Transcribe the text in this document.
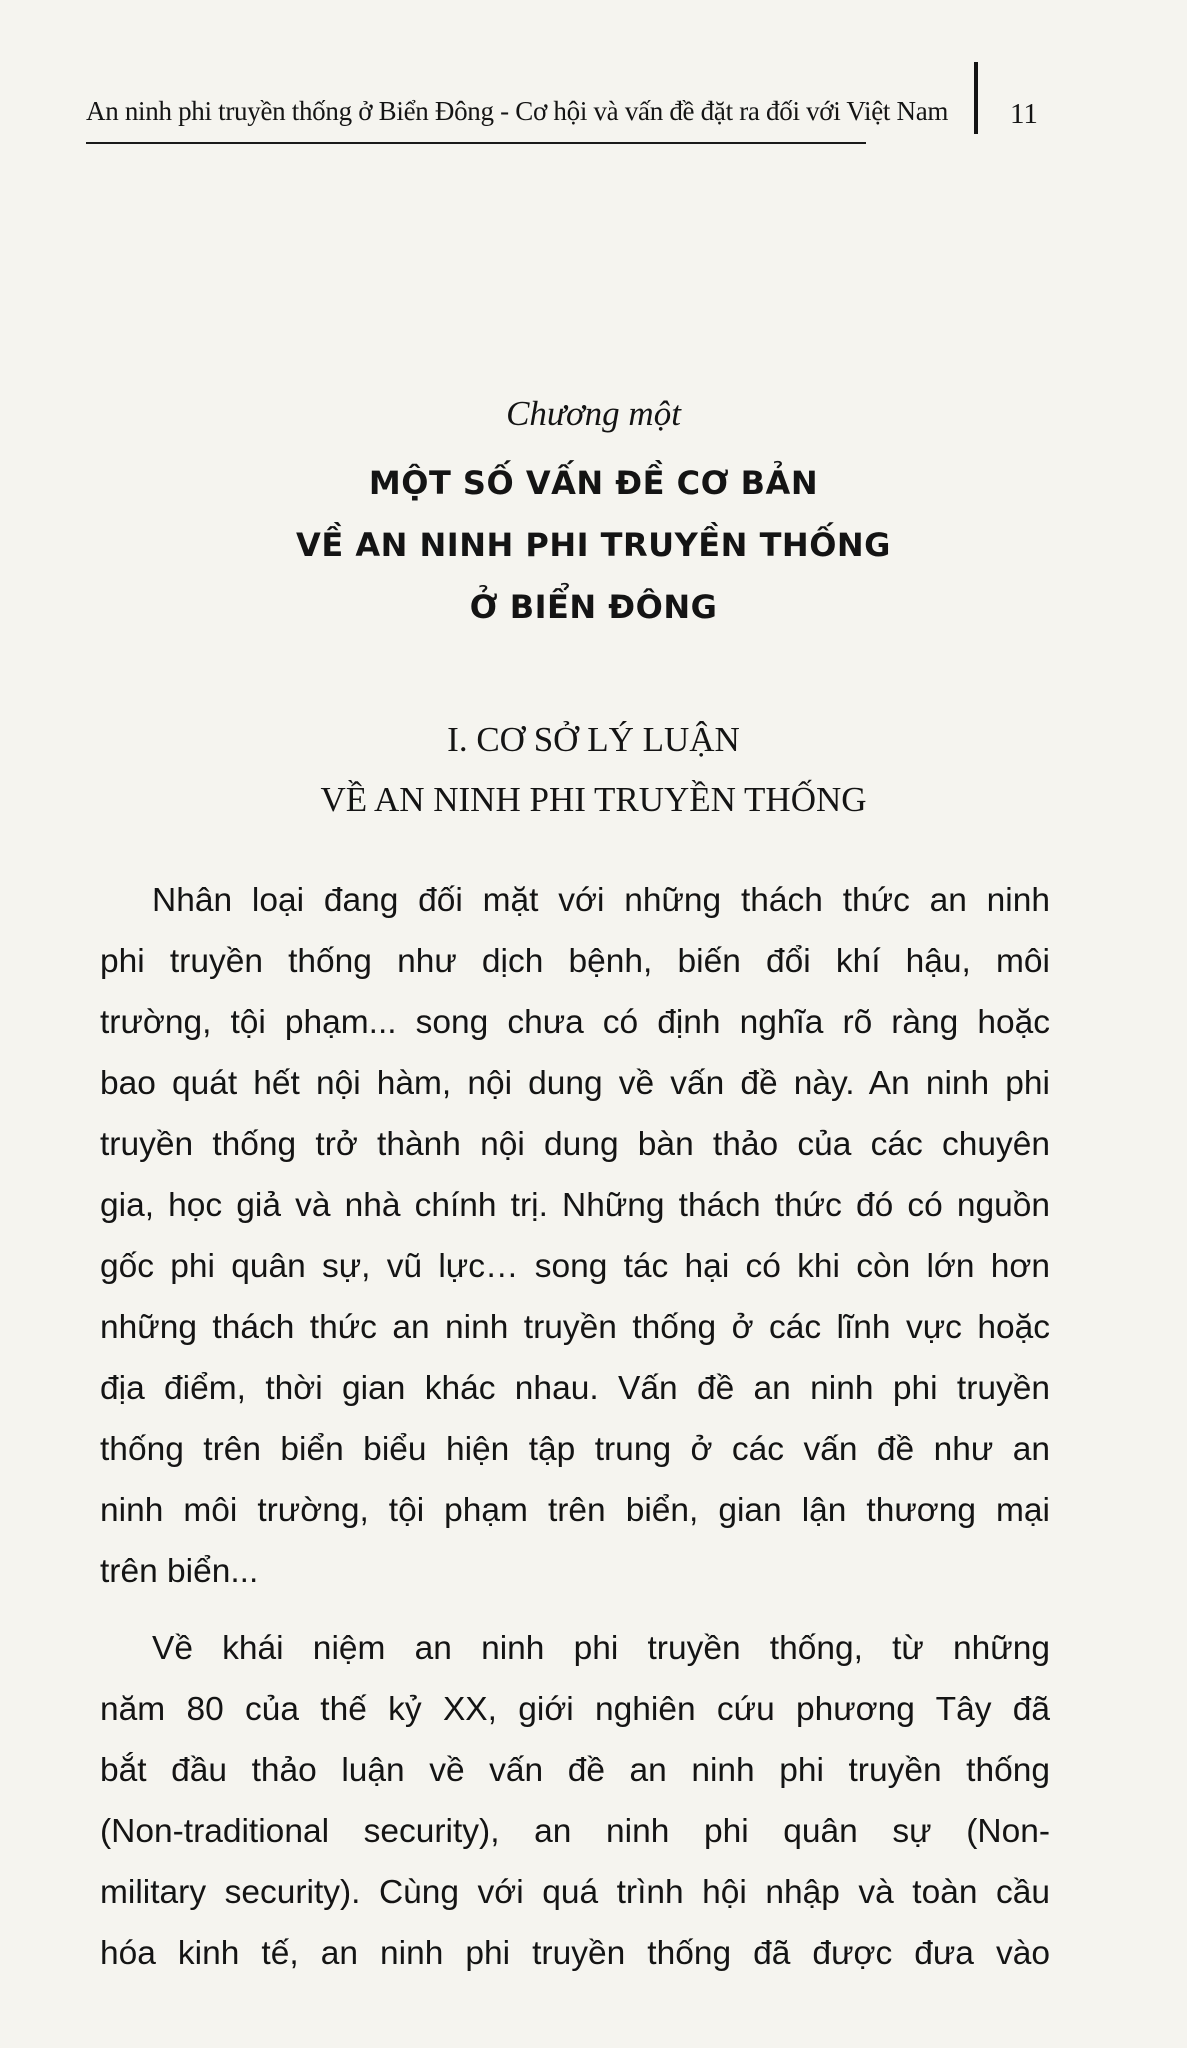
An ninh phi truyền thống ở Biển Đông - Cơ hội và vấn đề đặt ra đối với Việt Nam 11
Chương một
MỘT SỐ VẤN ĐỀ CƠ BẢN
VỀ AN NINH PHI TRUYỀN THỐNG
Ở BIỂN ĐÔNG
I. CƠ SỞ LÝ LUẬN
VỀ AN NINH PHI TRUYỀN THỐNG
Nhân loại đang đối mặt với những thách thức an ninh
phi truyền thống như dịch bệnh, biến đổi khí hậu, môi
trường, tội phạm... song chưa có định nghĩa rõ ràng hoặc
bao quát hết nội hàm, nội dung về vấn đề này. An ninh phi
truyền thống trở thành nội dung bàn thảo của các chuyên
gia, học giả và nhà chính trị. Những thách thức đó có nguồn
gốc phi quân sự, vũ lực… song tác hại có khi còn lớn hơn
những thách thức an ninh truyền thống ở các lĩnh vực hoặc
địa điểm, thời gian khác nhau. Vấn đề an ninh phi truyền
thống trên biển biểu hiện tập trung ở các vấn đề như an
ninh môi trường, tội phạm trên biển, gian lận thương mại
trên biển...
Về khái niệm an ninh phi truyền thống, từ những
năm 80 của thế kỷ XX, giới nghiên cứu phương Tây đã
bắt đầu thảo luận về vấn đề an ninh phi truyền thống
(Non-traditional security), an ninh phi quân sự (Non-
military security). Cùng với quá trình hội nhập và toàn cầu
hóa kinh tế, an ninh phi truyền thống đã được đưa vào
